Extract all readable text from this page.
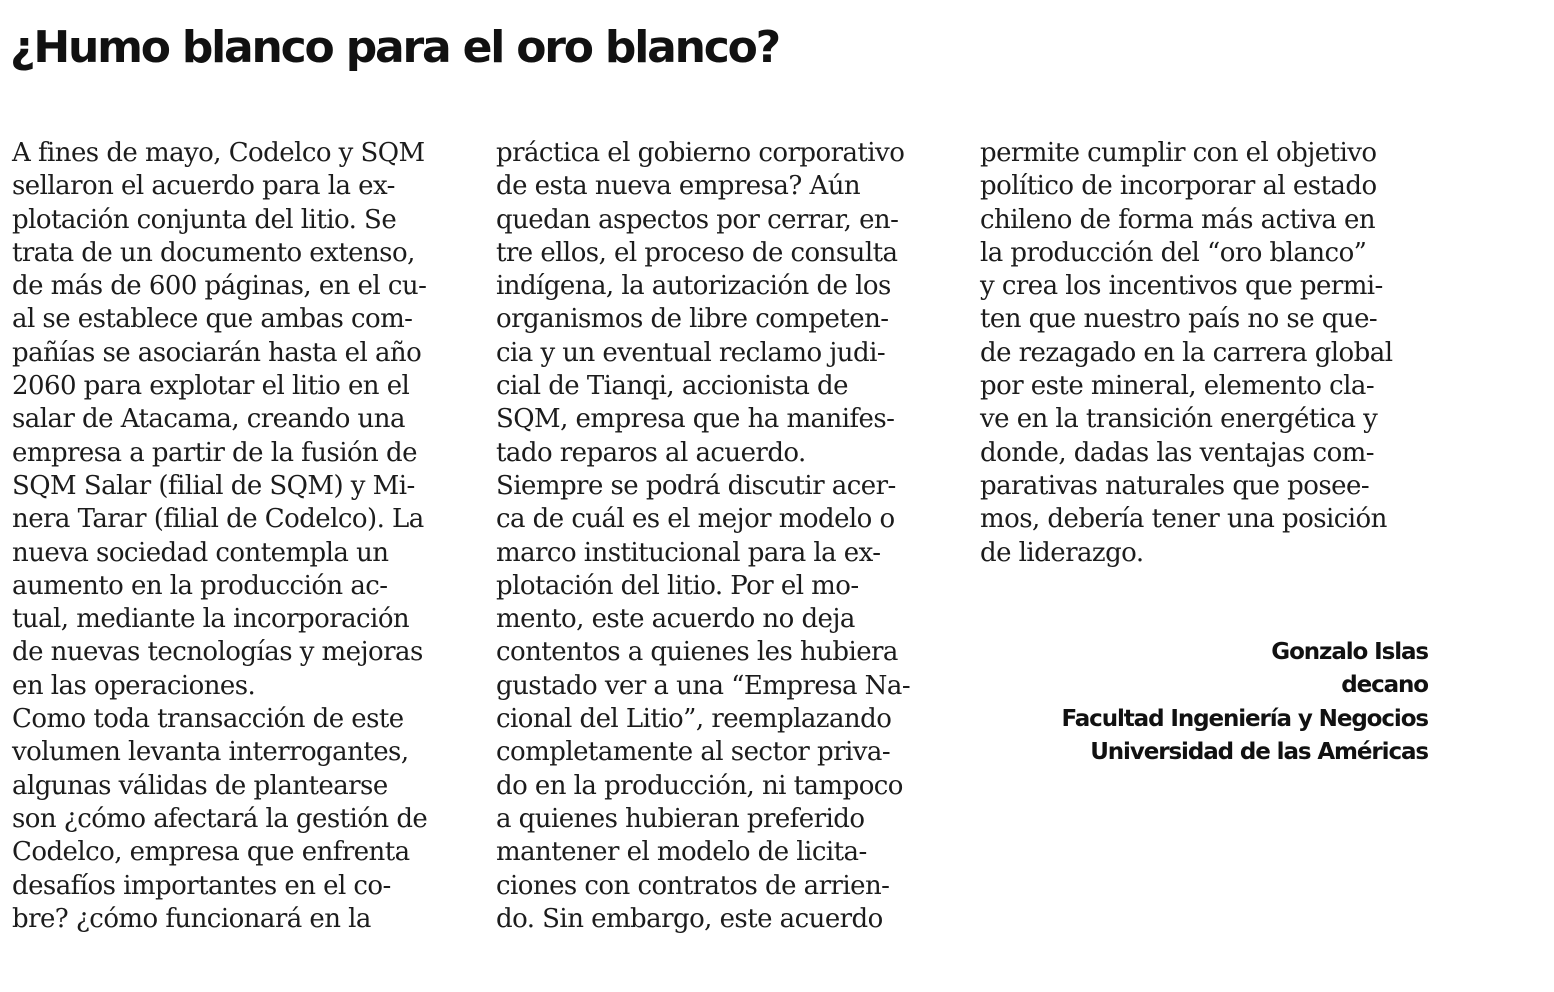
¿Humo blanco para el oro blanco?
A fines de mayo, Codelco y SQM
sellaron el acuerdo para la ex-
plotación conjunta del litio. Se
trata de un documento extenso,
de más de 600 páginas, en el cu-
al se establece que ambas com-
pañías se asociarán hasta el año
2060 para explotar el litio en el
salar de Atacama, creando una
empresa a partir de la fusión de
SQM Salar (filial de SQM) y Mi-
nera Tarar (filial de Codelco). La
nueva sociedad contempla un
aumento en la producción ac-
tual, mediante la incorporación
de nuevas tecnologías y mejoras
en las operaciones.
Como toda transacción de este
volumen levanta interrogantes,
algunas válidas de plantearse
son ¿cómo afectará la gestión de
Codelco, empresa que enfrenta
desafíos importantes en el co-
bre? ¿cómo funcionará en la
práctica el gobierno corporativo
de esta nueva empresa? Aún
quedan aspectos por cerrar, en-
tre ellos, el proceso de consulta
indígena, la autorización de los
organismos de libre competen-
cia y un eventual reclamo judi-
cial de Tianqi, accionista de
SQM, empresa que ha manifes-
tado reparos al acuerdo.
Siempre se podrá discutir acer-
ca de cuál es el mejor modelo o
marco institucional para la ex-
plotación del litio. Por el mo-
mento, este acuerdo no deja
contentos a quienes les hubiera
gustado ver a una “Empresa Na-
cional del Litio”, reemplazando
completamente al sector priva-
do en la producción, ni tampoco
a quienes hubieran preferido
mantener el modelo de licita-
ciones con contratos de arrien-
do. Sin embargo, este acuerdo
permite cumplir con el objetivo
político de incorporar al estado
chileno de forma más activa en
la producción del “oro blanco”
y crea los incentivos que permi-
ten que nuestro país no se que-
de rezagado en la carrera global
por este mineral, elemento cla-
ve en la transición energética y
donde, dadas las ventajas com-
parativas naturales que posee-
mos, debería tener una posición
de liderazgo.
Gonzalo Islas
decano
Facultad Ingeniería y Negocios
Universidad de las Américas
